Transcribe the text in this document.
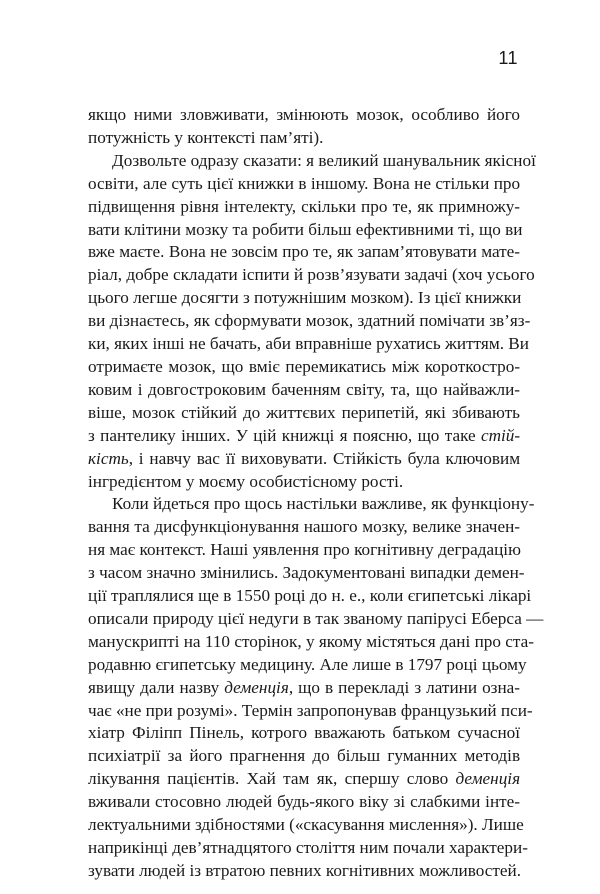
11

якщо ними зловживати, змінюють мозок, особливо його
потужність у контексті пам’яті).

Дозвольте одразу сказати: я великий шанувальник якісної
освіти, але суть цієї книжки в іншому. Вона не стільки про
підвищення рівня інтелекту, скільки про те, як примножу-
вати клітини мозку та робити більш ефективними ті, що ви
вже маєте. Вона не зовсім про те, як запам’ятовувати мате-
ріал, добре складати іспити й розв’язувати задачі (хоч усього
цього легше досягти з потужнішим мозком). Із цієї книжки
ви дізнаєтесь, як сформувати мозок, здатний помічати зв’яз-
ки, яких інші не бачать, аби вправніше рухатись життям. Ви
отримаєте мозок, що вміє перемикатись між короткостро-
ковим і довгостроковим баченням світу, та, що найважли-
віше, мозок стійкий до життєвих перипетій, які збивають
з пантелику інших. У цій книжці я поясню, що таке стій-
кість, і навчу вас її виховувати. Стійкість була ключовим
інгредієнтом у моєму особистісному рості.

Коли йдеться про щось настільки важливе, як функціону-
вання та дисфункціонування нашого мозку, велике значен-
ня має контекст. Наші уявлення про когнітивну деградацію
з часом значно змінились. Задокументовані випадки демен-
ції траплялися ще в 1550 році до н. е., коли єгипетські лікарі
описали природу цієї недуги в так званому папірусі Еберса —
манускрипті на 110 сторінок, у якому містяться дані про ста-
родавню єгипетську медицину. Але лише в 1797 році цьому
явищу дали назву деменція, що в перекладі з латини озна-
чає «не при розумі». Термін запропонував французький пси-
хіатр Філіпп Пінель, котрого вважають батьком сучасної
психіатрії за його прагнення до більш гуманних методів
лікування пацієнтів. Хай там як, спершу слово деменція
вживали стосовно людей будь-якого віку зі слабкими інте-
лектуальними здібностями («скасування мислення»). Лише
наприкінці дев’ятнадцятого століття ним почали характери-
зувати людей із втратою певних когнітивних можливостей.
